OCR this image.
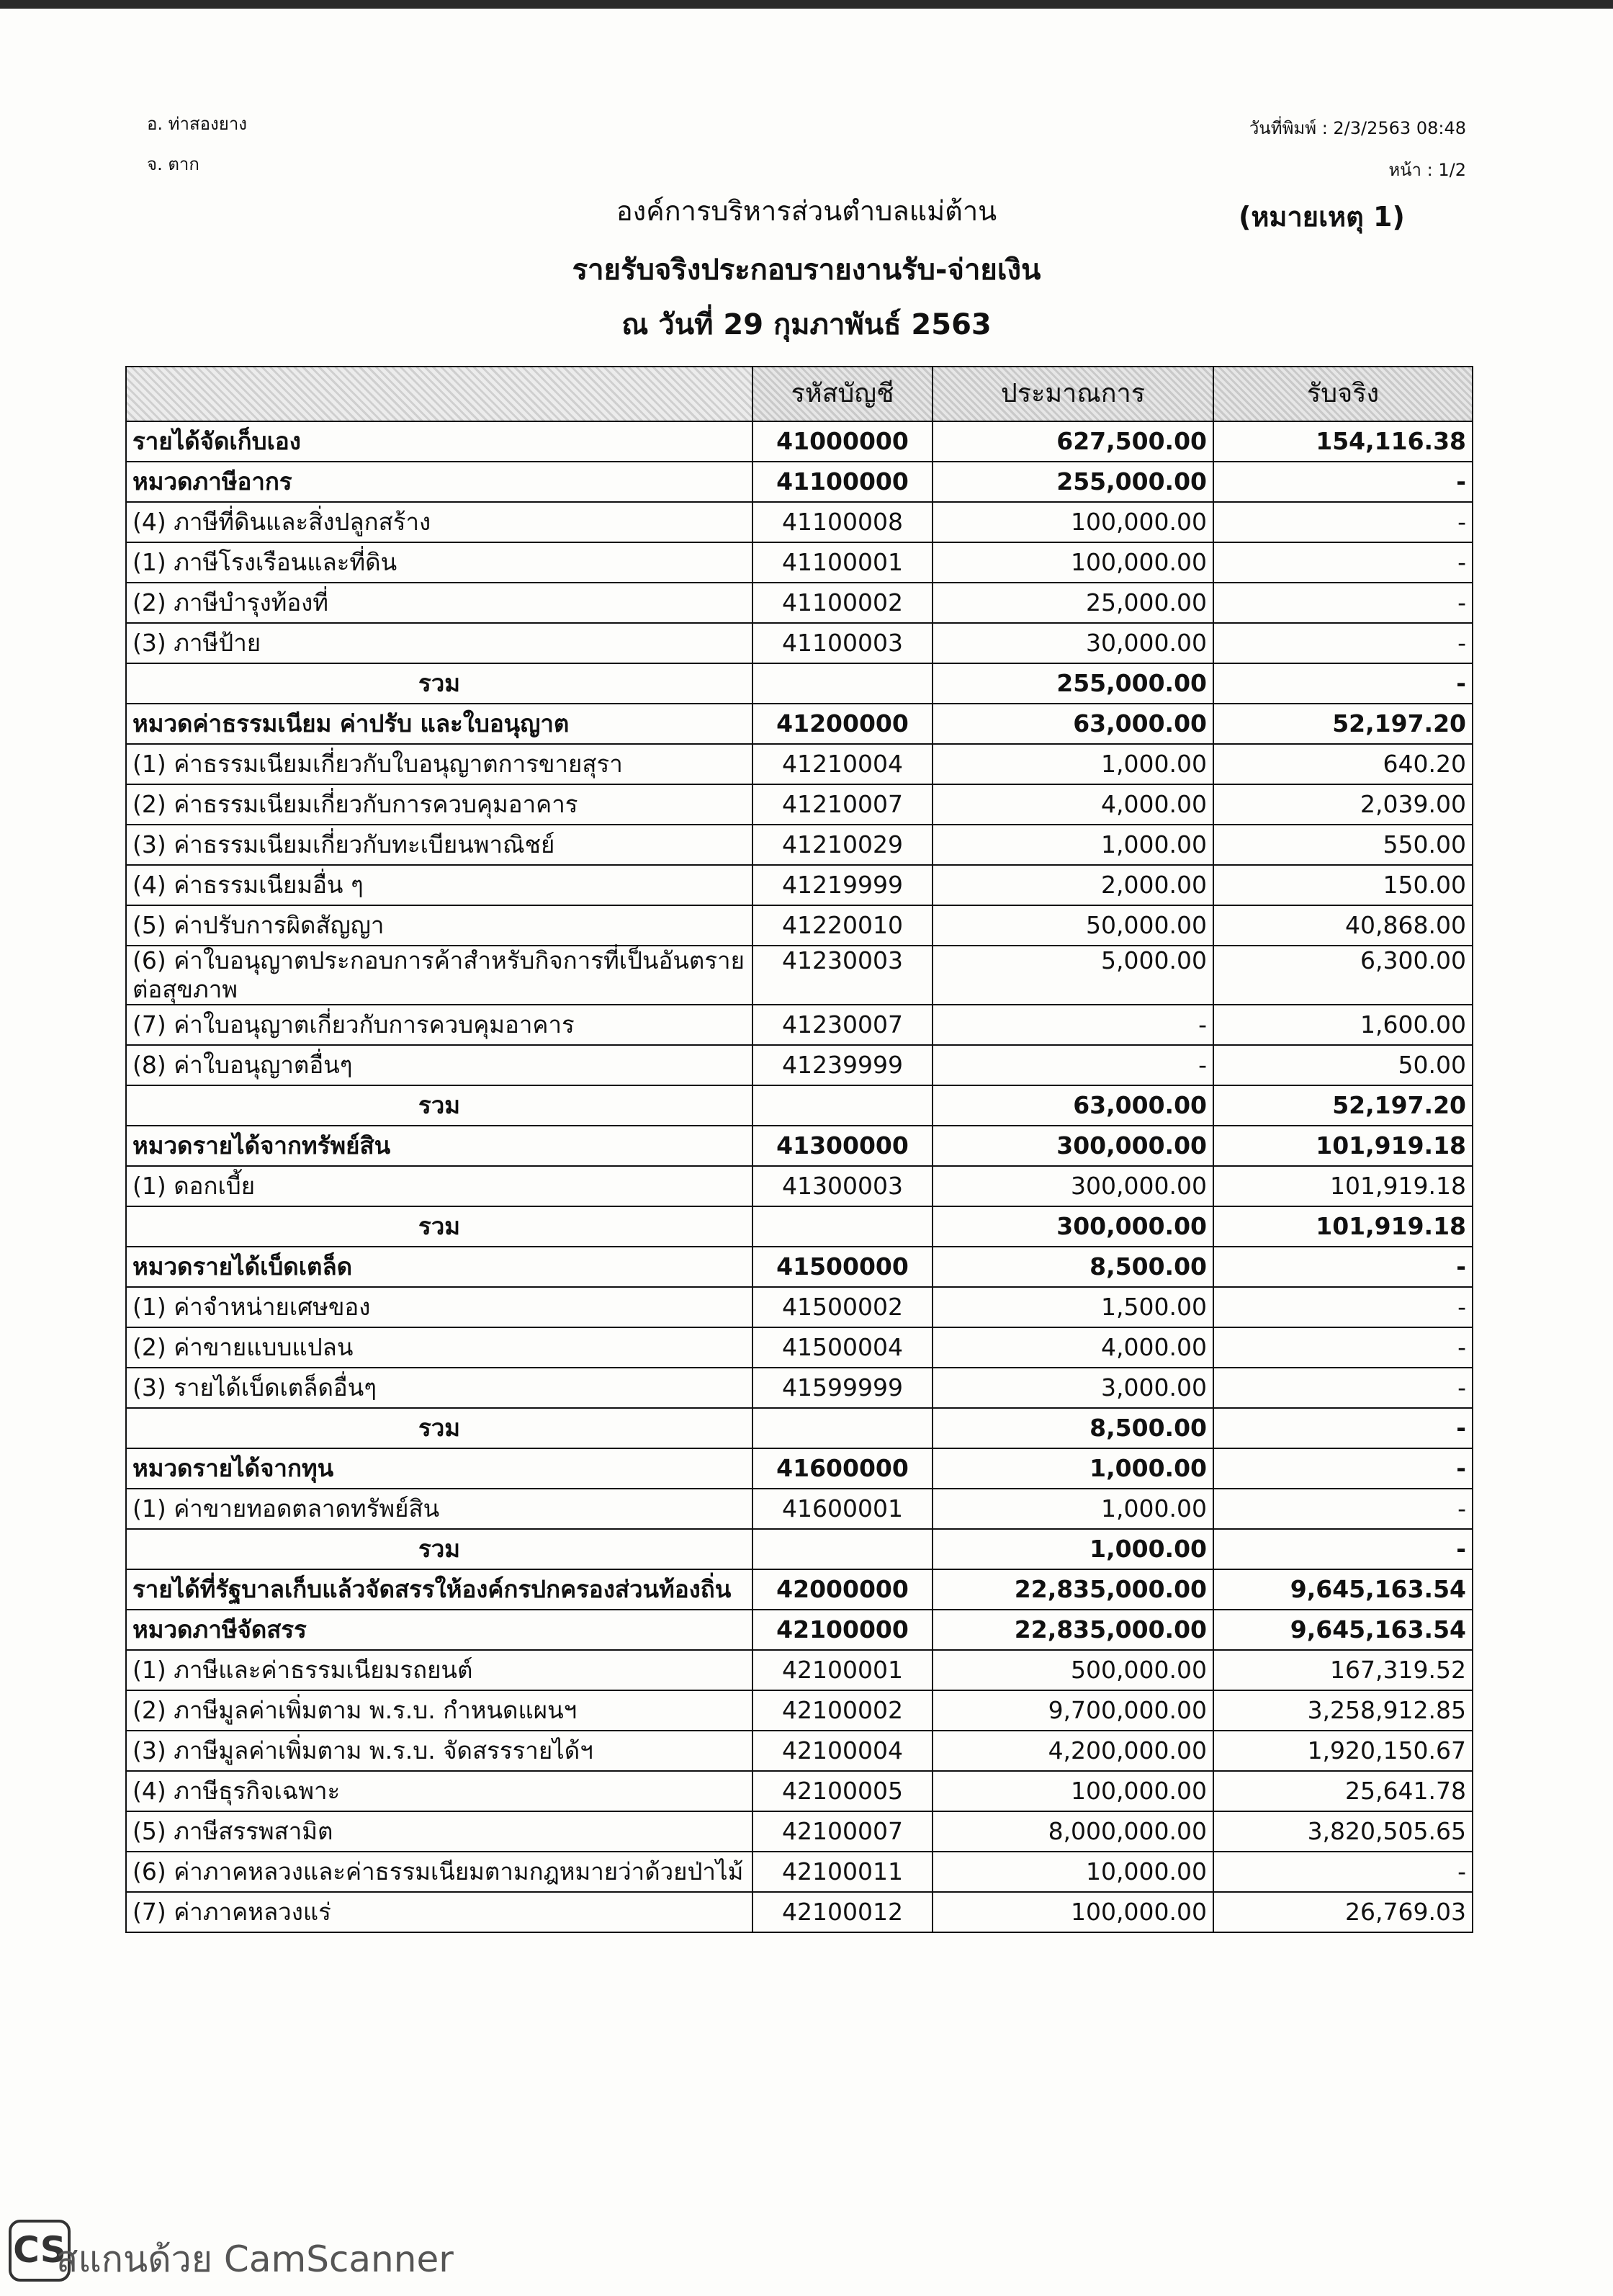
อ. ท่าสองยาง
จ. ตาก
วันที่พิมพ์ : 2/3/2563 08:48
หน้า : 1/2
องค์การบริหารส่วนตำบลแม่ต้าน	(หมายเหตุ 1)
รายรับจริงประกอบรายงานรับ-จ่ายเงิน
ณ วันที่ 29 กุมภาพันธ์ 2563
	รหัสบัญชี	ประมาณการ	รับจริง
รายได้จัดเก็บเอง	41000000	627,500.00	154,116.38
หมวดภาษีอากร	41100000	255,000.00	-
(4) ภาษีที่ดินและสิ่งปลูกสร้าง	41100008	100,000.00	-
(1) ภาษีโรงเรือนและที่ดิน	41100001	100,000.00	-
(2) ภาษีบำรุงท้องที่	41100002	25,000.00	-
(3) ภาษีป้าย	41100003	30,000.00	-
รวม		255,000.00	-
หมวดค่าธรรมเนียม ค่าปรับ และใบอนุญาต	41200000	63,000.00	52,197.20
(1) ค่าธรรมเนียมเกี่ยวกับใบอนุญาตการขายสุรา	41210004	1,000.00	640.20
(2) ค่าธรรมเนียมเกี่ยวกับการควบคุมอาคาร	41210007	4,000.00	2,039.00
(3) ค่าธรรมเนียมเกี่ยวกับทะเบียนพาณิชย์	41210029	1,000.00	550.00
(4) ค่าธรรมเนียมอื่น ๆ	41219999	2,000.00	150.00
(5) ค่าปรับการผิดสัญญา	41220010	50,000.00	40,868.00
(6) ค่าใบอนุญาตประกอบการค้าสำหรับกิจการที่เป็นอันตรายต่อสุขภาพ	41230003	5,000.00	6,300.00
(7) ค่าใบอนุญาตเกี่ยวกับการควบคุมอาคาร	41230007	-	1,600.00
(8) ค่าใบอนุญาตอื่นๆ	41239999	-	50.00
รวม		63,000.00	52,197.20
หมวดรายได้จากทรัพย์สิน	41300000	300,000.00	101,919.18
(1) ดอกเบี้ย	41300003	300,000.00	101,919.18
รวม		300,000.00	101,919.18
หมวดรายได้เบ็ดเตล็ด	41500000	8,500.00	-
(1) ค่าจำหน่ายเศษของ	41500002	1,500.00	-
(2) ค่าขายแบบแปลน	41500004	4,000.00	-
(3) รายได้เบ็ดเตล็ดอื่นๆ	41599999	3,000.00	-
รวม		8,500.00	-
หมวดรายได้จากทุน	41600000	1,000.00	-
(1) ค่าขายทอดตลาดทรัพย์สิน	41600001	1,000.00	-
รวม		1,000.00	-
รายได้ที่รัฐบาลเก็บแล้วจัดสรรให้องค์กรปกครองส่วนท้องถิ่น	42000000	22,835,000.00	9,645,163.54
หมวดภาษีจัดสรร	42100000	22,835,000.00	9,645,163.54
(1) ภาษีและค่าธรรมเนียมรถยนต์	42100001	500,000.00	167,319.52
(2) ภาษีมูลค่าเพิ่มตาม พ.ร.บ. กำหนดแผนฯ	42100002	9,700,000.00	3,258,912.85
(3) ภาษีมูลค่าเพิ่มตาม พ.ร.บ. จัดสรรรายได้ฯ	42100004	4,200,000.00	1,920,150.67
(4) ภาษีธุรกิจเฉพาะ	42100005	100,000.00	25,641.78
(5) ภาษีสรรพสามิต	42100007	8,000,000.00	3,820,505.65
(6) ค่าภาคหลวงและค่าธรรมเนียมตามกฎหมายว่าด้วยป่าไม้	42100011	10,000.00	-
(7) ค่าภาคหลวงแร่	42100012	100,000.00	26,769.03
CS
สแกนด้วย CamScanner
